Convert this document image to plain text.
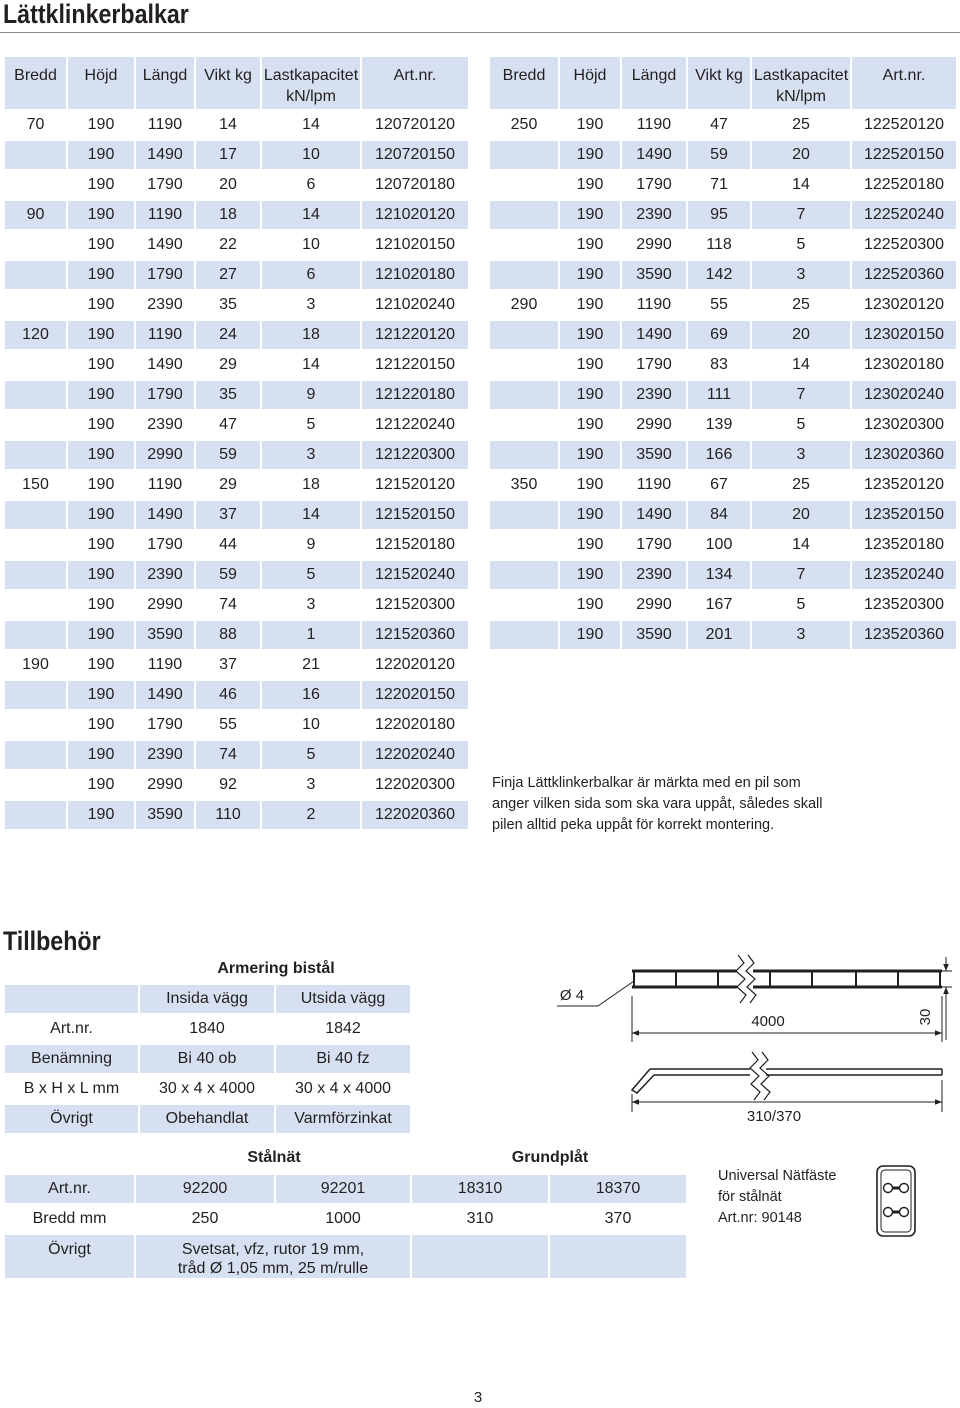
Lättklinkerbalkar
Bredd	Höjd	Längd	Vikt kg	Lastkapacitet
kN/lpm	Art.nr.

70	190	1190	14	14	120720120
	190	1490	17	10	120720150
	190	1790	20	6	120720180
90	190	1190	18	14	121020120
	190	1490	22	10	121020150
	190	1790	27	6	121020180
	190	2390	35	3	121020240
120	190	1190	24	18	121220120
	190	1490	29	14	121220150
	190	1790	35	9	121220180
	190	2390	47	5	121220240
	190	2990	59	3	121220300
150	190	1190	29	18	121520120
	190	1490	37	14	121520150
	190	1790	44	9	121520180
	190	2390	59	5	121520240
	190	2990	74	3	121520300
	190	3590	88	1	121520360
190	190	1190	37	21	122020120
	190	1490	46	16	122020150
	190	1790	55	10	122020180
	190	2390	74	5	122020240
	190	2990	92	3	122020300
	190	3590	110	2	122020360
Bredd	Höjd	Längd	Vikt kg	Lastkapacitet
kN/lpm	Art.nr.

250	190	1190	47	25	122520120
	190	1490	59	20	122520150
	190	1790	71	14	122520180
	190	2390	95	7	122520240
	190	2990	118	5	122520300
	190	3590	142	3	122520360
290	190	1190	55	25	123020120
	190	1490	69	20	123020150
	190	1790	83	14	123020180
	190	2390	111	7	123020240
	190	2990	139	5	123020300
	190	3590	166	3	123020360
350	190	1190	67	25	123520120
	190	1490	84	20	123520150
	190	1790	100	14	123520180
	190	2390	134	7	123520240
	190	2990	167	5	123520300
	190	3590	201	3	123520360
Finja Lättklinkerbalkar är märkta med en pil som
anger vilken sida som ska vara uppåt, således skall
pilen alltid peka uppåt för korrekt montering.
Tillbehör
Armering bistål
	Insida vägg	Utsida vägg
Art.nr.	1840	1842
Benämning	Bi 40 ob	Bi 40 fz
B x H x L mm	30 x 4 x 4000	30 x 4 x 4000
Övrigt	Obehandlat	Varmförzinkat
Ø 4
4000	30
310/370
Stålnät	Grundplåt
Art.nr.	92200	92201	18310	18370
Bredd mm	250	1000	310	370
Övrigt	Svetsat, vfz, rutor 19 mm,
tråd Ø 1,05 mm, 25 m/rulle			

Universal Nätfäste
för stålnät
Art.nr: 90148
3
